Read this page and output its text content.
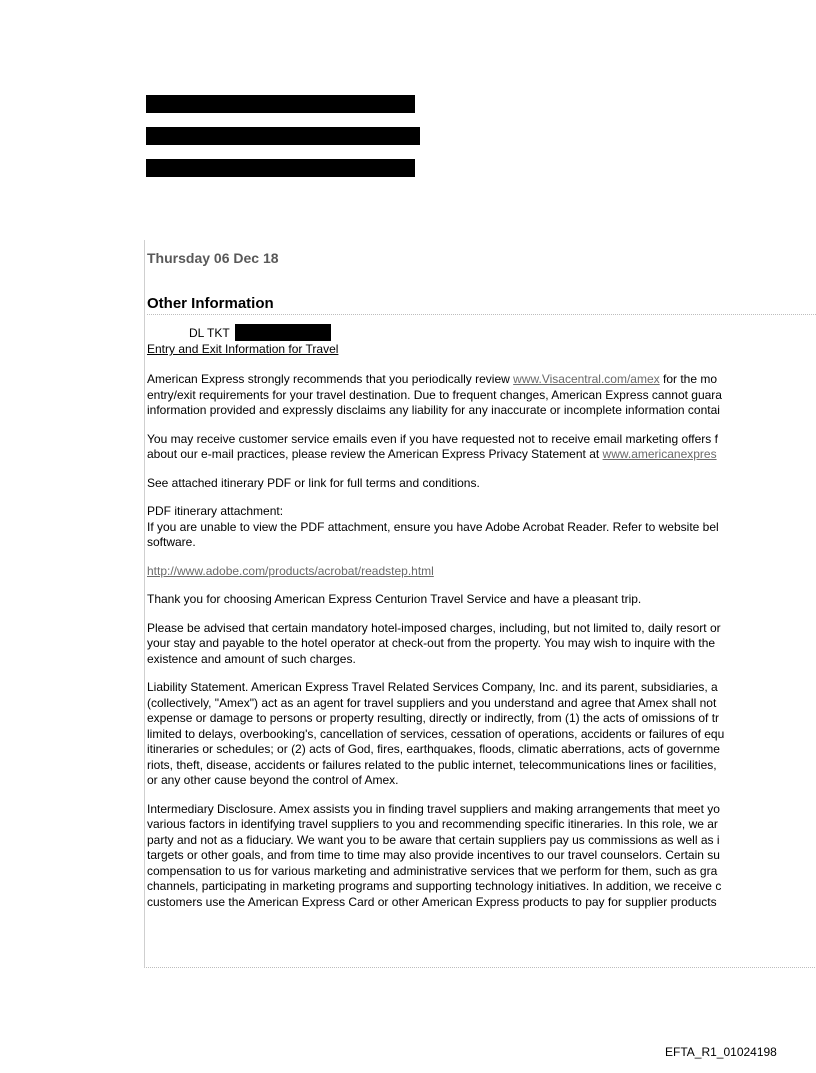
Thursday 06 Dec 18
Other Information
DL TKT
Entry and Exit Information for Travel

American Express strongly recommends that you periodically review www.Visacentral.com/amex for the mo
entry/exit requirements for your travel destination. Due to frequent changes, American Express cannot guara
information provided and expressly disclaims any liability for any inaccurate or incomplete information contai

You may receive customer service emails even if you have requested not to receive email marketing offers f
about our e-mail practices, please review the American Express Privacy Statement at www.americanexpres

See attached itinerary PDF or link for full terms and conditions.

PDF itinerary attachment:
If you are unable to view the PDF attachment, ensure you have Adobe Acrobat Reader. Refer to website bel
software.

http://www.adobe.com/products/acrobat/readstep.html

Thank you for choosing American Express Centurion Travel Service and have a pleasant trip.

Please be advised that certain mandatory hotel-imposed charges, including, but not limited to, daily resort or
your stay and payable to the hotel operator at check-out from the property. You may wish to inquire with the
existence and amount of such charges.

Liability Statement. American Express Travel Related Services Company, Inc. and its parent, subsidiaries, a
(collectively, "Amex") act as an agent for travel suppliers and you understand and agree that Amex shall not
expense or damage to persons or property resulting, directly or indirectly, from (1) the acts of omissions of tr
limited to delays, overbooking's, cancellation of services, cessation of operations, accidents or failures of equ
itineraries or schedules; or (2) acts of God, fires, earthquakes, floods, climatic aberrations, acts of governme
riots, theft, disease, accidents or failures related to the public internet, telecommunications lines or facilities,
or any other cause beyond the control of Amex.

Intermediary Disclosure. Amex assists you in finding travel suppliers and making arrangements that meet yo
various factors in identifying travel suppliers to you and recommending specific itineraries. In this role, we ar
party and not as a fiduciary. We want you to be aware that certain suppliers pay us commissions as well as i
targets or other goals, and from time to time may also provide incentives to our travel counselors. Certain su
compensation to us for various marketing and administrative services that we perform for them, such as gra
channels, participating in marketing programs and supporting technology initiatives. In addition, we receive c
customers use the American Express Card or other American Express products to pay for supplier products

EFTA_R1_01024198
